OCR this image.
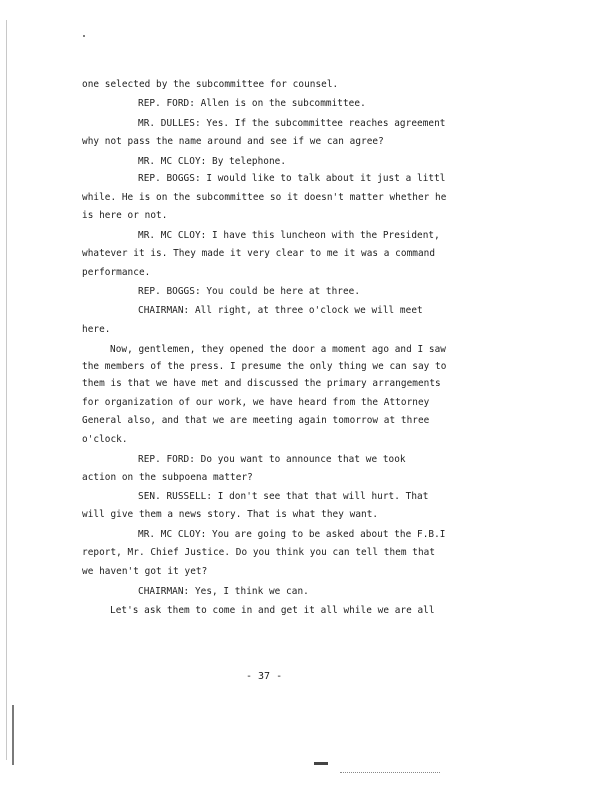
one selected by the subcommittee for counsel.
REP. FORD: Allen is on the subcommittee.
MR. DULLES: Yes. If the subcommittee reaches agreement
why not pass the name around and see if we can agree?
MR. MC CLOY: By telephone.
REP. BOGGS: I would like to talk about it just a littl
while. He is on the subcommittee so it doesn't matter whether he
is here or not.
MR. MC CLOY: I have this luncheon with the President,
whatever it is. They made it very clear to me it was a command
performance.
REP. BOGGS: You could be here at three.
CHAIRMAN: All right, at three o'clock we will meet
here.
Now, gentlemen, they opened the door a moment ago and I saw
the members of the press. I presume the only thing we can say to
them is that we have met and discussed the primary arrangements
for organization of our work, we have heard from the Attorney
General also, and that we are meeting again tomorrow at three
o'clock.
REP. FORD: Do you want to announce that we took
action on the subpoena matter?
SEN. RUSSELL: I don't see that that will hurt. That
will give them a news story. That is what they want.
MR. MC CLOY: You are going to be asked about the F.B.I
report, Mr. Chief Justice. Do you think you can tell them that
we haven't got it yet?
CHAIRMAN: Yes, I think we can.
Let's ask them to come in and get it all while we are all
- 37 -
